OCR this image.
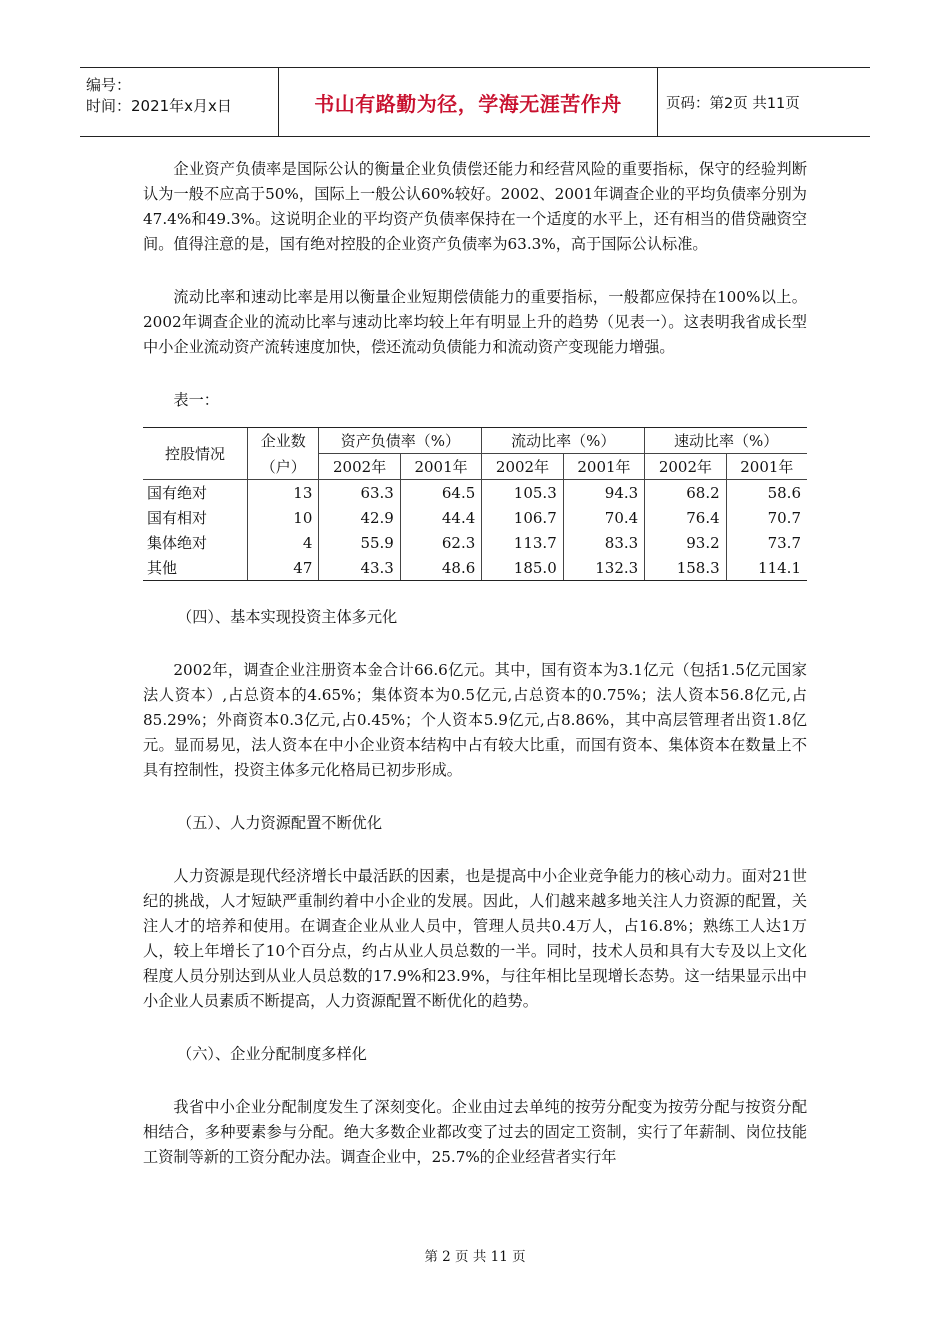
编号：
时间：2021年x月x日	书山有路勤为径，学海无涯苦作舟	页码：第2页 共11页

企业资产负债率是国际公认的衡量企业负债偿还能力和经营风险的重要指标，保守的经验判断认为一般不应高于50%，国际上一般公认60%较好。2002、2001年调查企业的平均负债率分别为47.4%和49.3%。这说明企业的平均资产负债率保持在一个适度的水平上，还有相当的借贷融资空间。值得注意的是，国有绝对控股的企业资产负债率为63.3%，高于国际公认标准。

流动比率和速动比率是用以衡量企业短期偿债能力的重要指标，一般都应保持在100%以上。2002年调查企业的流动比率与速动比率均较上年有明显上升的趋势（见表一）。这表明我省成长型中小企业流动资产流转速度加快，偿还流动负债能力和流动资产变现能力增强。

表一：

控股情况	企业数	资产负债率（%）		流动比率（%）		速动比率（%）	
	（户）	2002年	2001年	2002年	2001年	2002年	2001年
国有绝对	13	63.3	64.5	105.3	94.3	68.2	58.6
国有相对	10	42.9	44.4	106.7	70.4	76.4	70.7
集体绝对	4	55.9	62.3	113.7	83.3	93.2	73.7
其他	47	43.3	48.6	185.0	132.3	158.3	114.1

（四）、基本实现投资主体多元化

2002年，调查企业注册资本金合计66.6亿元。其中，国有资本为3.1亿元（包括1.5亿元国家法人资本）,占总资本的4.65%；集体资本为0.5亿元,占总资本的0.75%；法人资本56.8亿元,占85.29%；外商资本0.3亿元,占0.45%；个人资本5.9亿元,占8.86%，其中高层管理者出资1.8亿元。显而易见，法人资本在中小企业资本结构中占有较大比重，而国有资本、集体资本在数量上不具有控制性，投资主体多元化格局已初步形成。

（五）、人力资源配置不断优化

人力资源是现代经济增长中最活跃的因素，也是提高中小企业竞争能力的核心动力。面对21世纪的挑战，人才短缺严重制约着中小企业的发展。因此，人们越来越多地关注人力资源的配置，关注人才的培养和使用。在调查企业从业人员中，管理人员共0.4万人，占16.8%；熟练工人达1万人，较上年增长了10个百分点，约占从业人员总数的一半。同时，技术人员和具有大专及以上文化程度人员分别达到从业人员总数的17.9%和23.9%，与往年相比呈现增长态势。这一结果显示出中小企业人员素质不断提高，人力资源配置不断优化的趋势。

（六）、企业分配制度多样化

我省中小企业分配制度发生了深刻变化。企业由过去单纯的按劳分配变为按劳分配与按资分配相结合，多种要素参与分配。绝大多数企业都改变了过去的固定工资制，实行了年薪制、岗位技能工资制等新的工资分配办法。调查企业中，25.7%的企业经营者实行年

第 2 页 共 11 页
